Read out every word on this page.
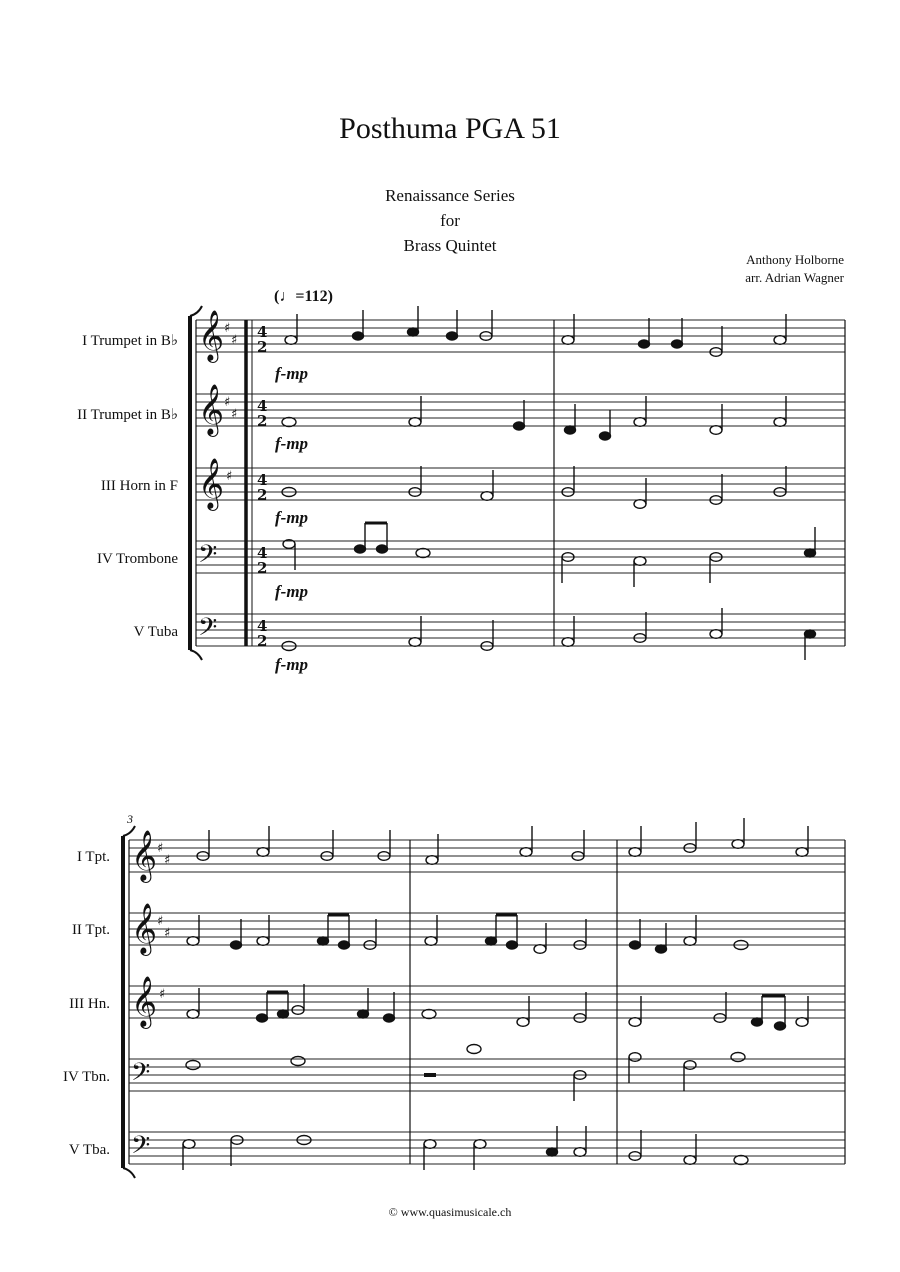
Posthuma PGA 51
Renaissance Series
for
Brass Quintet
Anthony Holborne
arr. Adrian Wagner
(♩=112)
I Trumpet in B♭
II Trumpet in B♭
III Horn in F
IV Trombone
V Tuba
f-mp
f-mp
f-mp
f-mp
f-mp
3
I Tpt.
II Tpt.
III Hn.
IV Tbn.
V Tba.
© www.quasimusicale.ch
𝄞
𝄞
𝄞
𝄢
𝄢
♯
♯
♯
♯
♯
4
2
4
2
4
2
4
2
4
2
𝄞
𝄞
𝄞
𝄢
𝄢
♯
♯
♯
♯
♯
